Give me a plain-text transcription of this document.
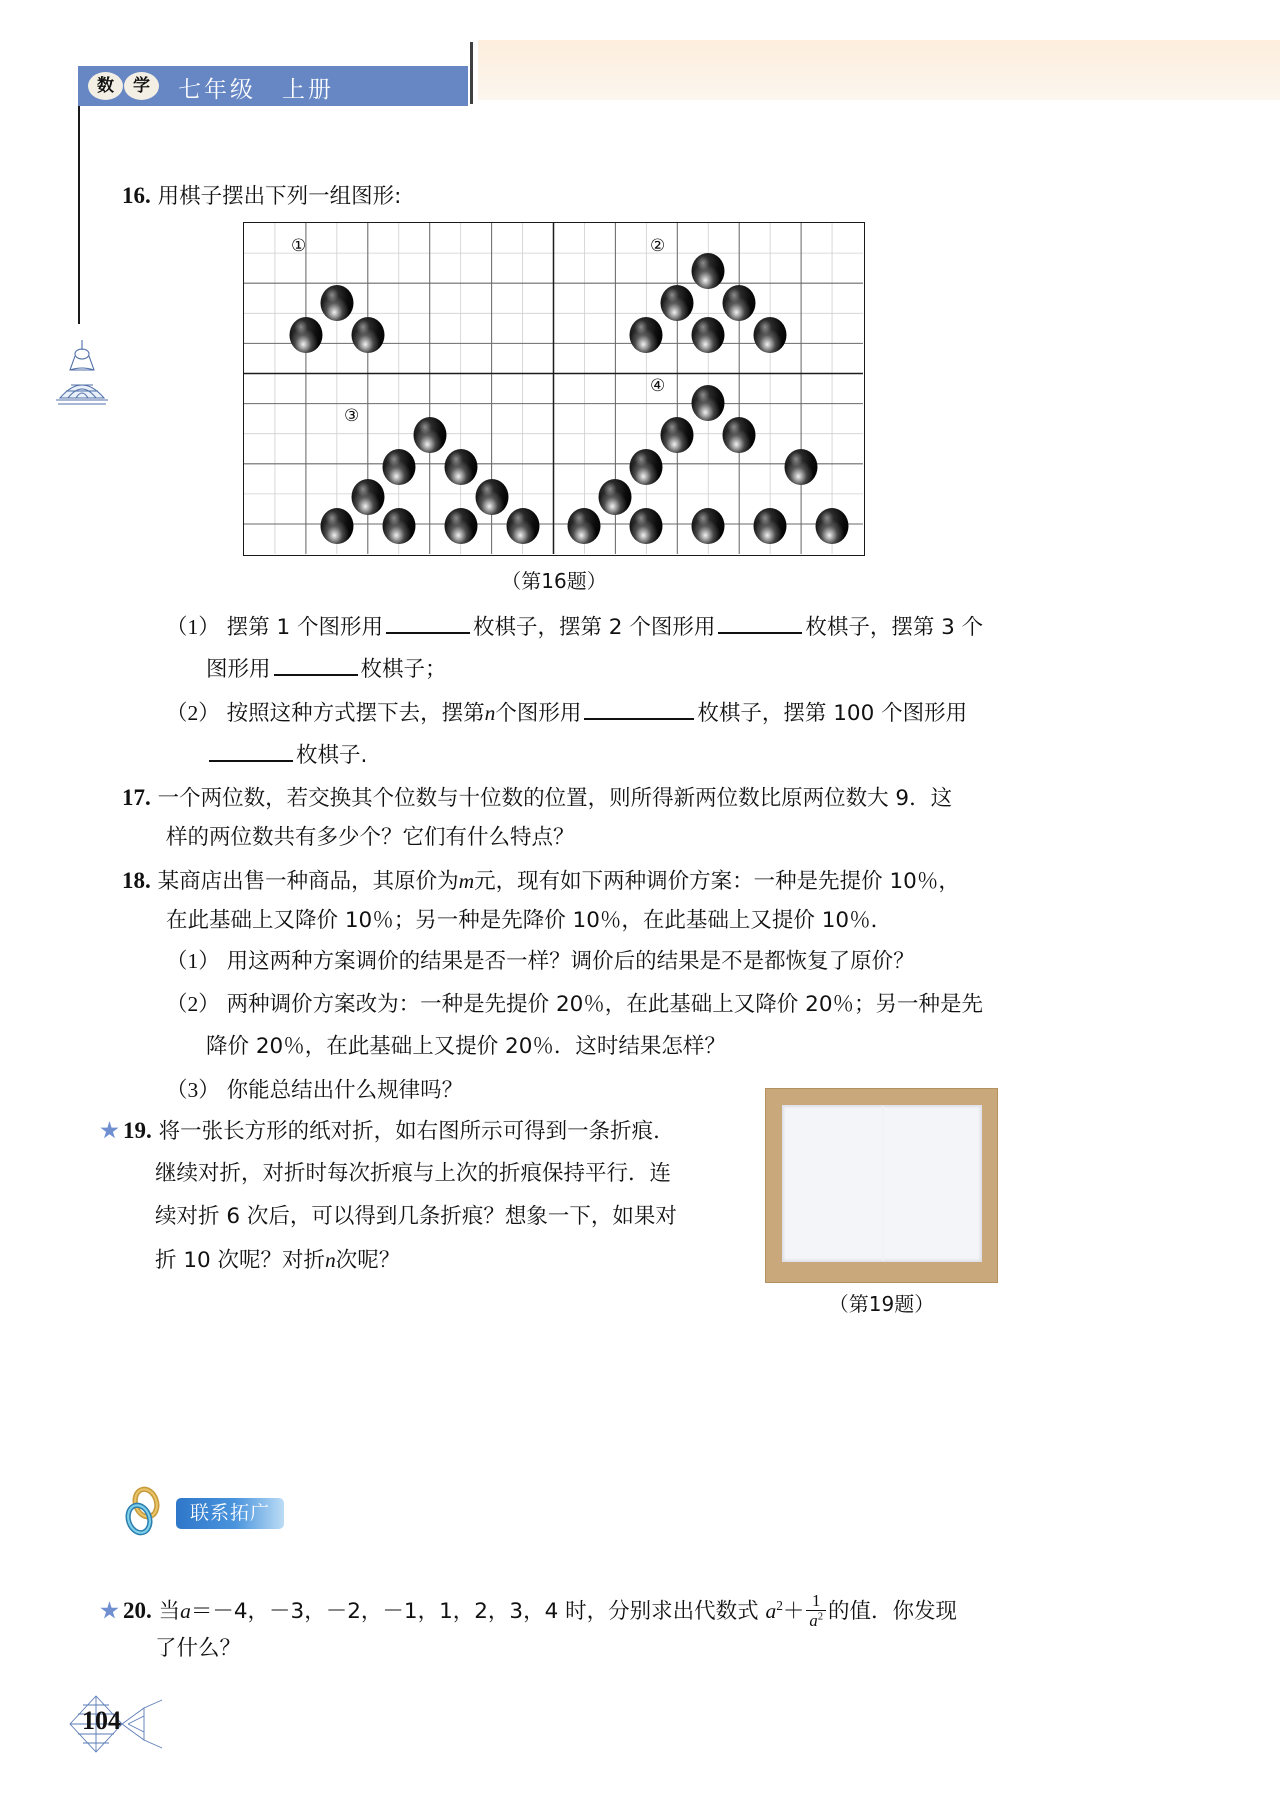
数	学	七年级　上册
16. 用棋子摆出下列一组图形:
①	②
③
④
（第16题）
（1） 摆第 1 个图形用	枚棋子，摆第 2 个图形用	枚棋子，摆第 3 个
图形用	枚棋子；
（2） 按照这种方式摆下去，摆第n个图形用	枚棋子，摆第 100 个图形用
枚棋子.
17. 一个两位数，若交换其个位数与十位数的位置，则所得新两位数比原两位数大 9．这
样的两位数共有多少个？它们有什么特点？
18. 某商店出售一种商品，其原价为m元，现有如下两种调价方案：一种是先提价 10％，
在此基础上又降价 10％；另一种是先降价 10％，在此基础上又提价 10％．
（1） 用这两种方案调价的结果是否一样？调价后的结果是不是都恢复了原价？
（2） 两种调价方案改为：一种是先提价 20％，在此基础上又降价 20％；另一种是先
降价 20％，在此基础上又提价 20％．这时结果怎样？
（3） 你能总结出什么规律吗？
19. 将一张长方形的纸对折，如右图所示可得到一条折痕．
继续对折，对折时每次折痕与上次的折痕保持平行．连
续对折 6 次后，可以得到几条折痕？想象一下，如果对
折 10 次呢？对折n次呢？
（第19题）
联系拓广
20. 当a＝－4，－3，－2，－1，1，2，3，4 时，分别求出代数式 $a^2+ \frac{1}{a^2}$ 的值．你发现
了什么？
104
